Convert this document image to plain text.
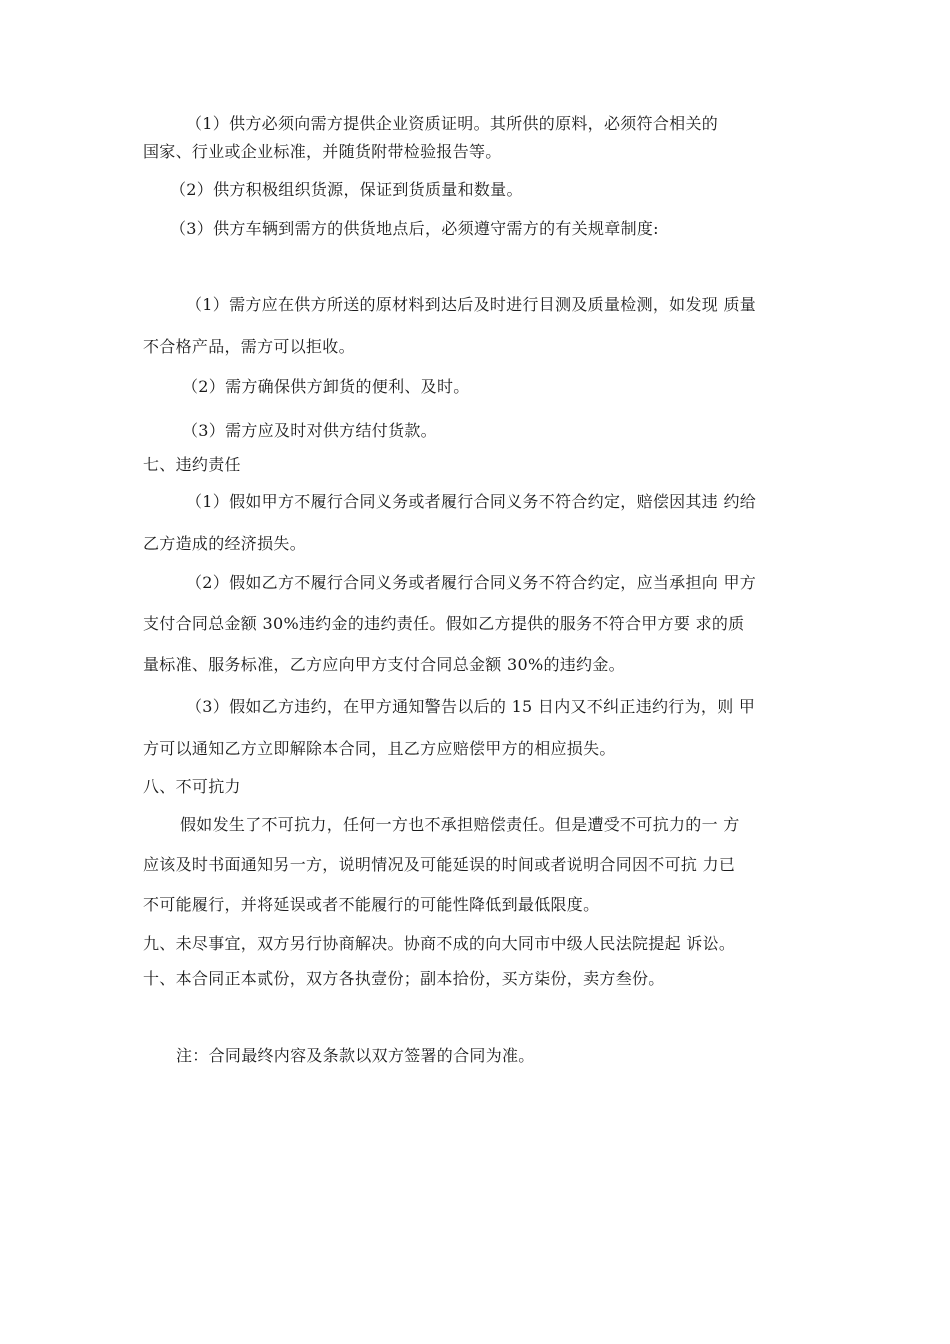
（1）供方必须向需方提供企业资质证明。其所供的原料，必须符合相关的
国家、行业或企业标准，并随货附带检验报告等。
（2）供方积极组织货源，保证到货质量和数量。
（3）供方车辆到需方的供货地点后，必须遵守需方的有关规章制度:
（1）需方应在供方所送的原材料到达后及时进行目测及质量检测，如发现 质量
不合格产品，需方可以拒收。
（2）需方确保供方卸货的便利、及时。
（3）需方应及时对供方结付货款。
七、违约责任
（1）假如甲方不履行合同义务或者履行合同义务不符合约定，赔偿因其违 约给
乙方造成的经济损失。
（2）假如乙方不履行合同义务或者履行合同义务不符合约定，应当承担向 甲方
支付合同总金额 30%违约金的违约责任。假如乙方提供的服务不符合甲方要 求的质
量标准、服务标准，乙方应向甲方支付合同总金额 30%的违约金。
（3）假如乙方违约，在甲方通知警告以后的 15 日内又不纠正违约行为，则 甲
方可以通知乙方立即解除本合同，且乙方应赔偿甲方的相应损失。
八、不可抗力
假如发生了不可抗力，任何一方也不承担赔偿责任。但是遭受不可抗力的一 方
应该及时书面通知另一方，说明情况及可能延误的时间或者说明合同因不可抗 力已
不可能履行，并将延误或者不能履行的可能性降低到最低限度。
九、未尽事宜，双方另行协商解决。协商不成的向大同市中级人民法院提起 诉讼。
十、本合同正本贰份，双方各执壹份；副本拾份，买方柒份，卖方叁份。
注：合同最终内容及条款以双方签署的合同为准。
